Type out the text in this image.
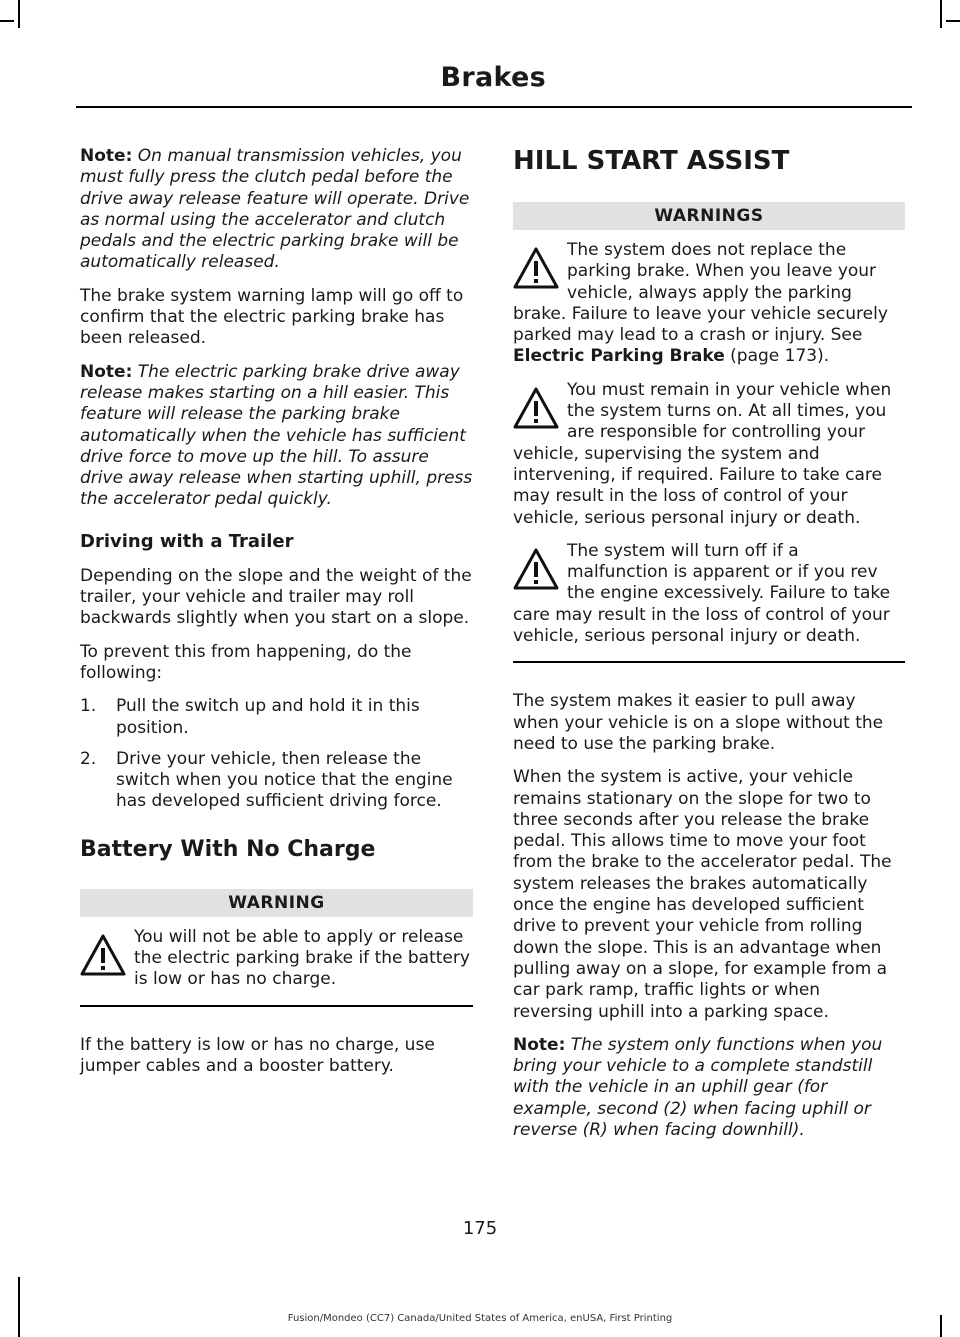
Brakes

Note: On manual transmission vehicles, you must fully press the clutch pedal before the drive away release feature will operate. Drive as normal using the accelerator and clutch pedals and the electric parking brake will be automatically released.

The brake system warning lamp will go off to confirm that the electric parking brake has been released.

Note: The electric parking brake drive away release makes starting on a hill easier. This feature will release the parking brake automatically when the vehicle has sufficient drive force to move up the hill. To assure drive away release when starting uphill, press the accelerator pedal quickly.

Driving with a Trailer

Depending on the slope and the weight of the trailer, your vehicle and trailer may roll backwards slightly when you start on a slope.

To prevent this from happening, do the following:

1. Pull the switch up and hold it in this position.
2. Drive your vehicle, then release the switch when you notice that the engine has developed sufficient driving force.
Battery With No Charge
WARNING

You will not be able to apply or release the electric parking brake if the battery is low or has no charge.

If the battery is low or has no charge, use jumper cables and a booster battery.

HILL START ASSIST
WARNINGS

The system does not replace the parking brake. When you leave your vehicle, always apply the parking brake. Failure to leave your vehicle securely parked may lead to a crash or injury. See Electric Parking Brake (page 173).

You must remain in your vehicle when the system turns on. At all times, you are responsible for controlling your vehicle, supervising the system and intervening, if required. Failure to take care may result in the loss of control of your vehicle, serious personal injury or death.

The system will turn off if a malfunction is apparent or if you rev the engine excessively. Failure to take care may result in the loss of control of your vehicle, serious personal injury or death.

The system makes it easier to pull away when your vehicle is on a slope without the need to use the parking brake.

When the system is active, your vehicle remains stationary on the slope for two to three seconds after you release the brake pedal. This allows time to move your foot from the brake to the accelerator pedal. The system releases the brakes automatically once the engine has developed sufficient drive to prevent your vehicle from rolling down the slope. This is an advantage when pulling away on a slope, for example from a car park ramp, traffic lights or when reversing uphill into a parking space.

Note: The system only functions when you bring your vehicle to a complete standstill with the vehicle in an uphill gear (for example, second (2) when facing uphill or reverse (R) when facing downhill).

175
Fusion/Mondeo (CC7) Canada/United States of America, enUSA, First Printing
